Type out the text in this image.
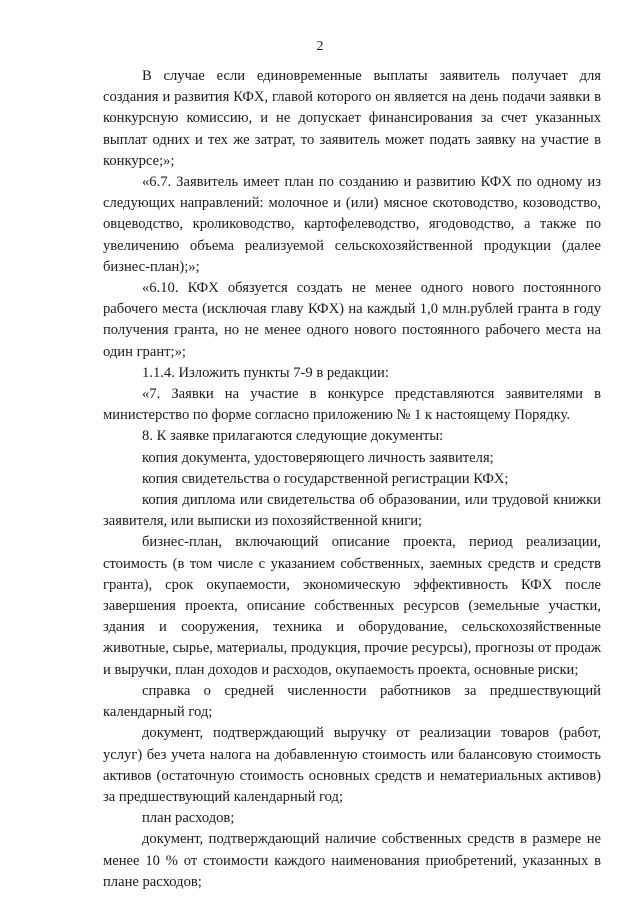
2

В случае если единовременные выплаты заявитель получает для создания и развития КФХ, главой которого он является на день подачи заявки в конкурсную комиссию, и не допускает финансирования за счет указанных выплат одних и тех же затрат, то заявитель может подать заявку на участие в конкурсе;»;

«6.7. Заявитель имеет план по созданию и развитию КФХ по одному из следующих направлений: молочное и (или) мясное скотоводство, козоводство, овцеводство, кролиководство, картофелеводство, ягодоводство, а также по увеличению объема реализуемой сельскохозяйственной продукции (далее бизнес-план);»;

«6.10. КФХ обязуется создать не менее одного нового постоянного рабочего места (исключая главу КФХ) на каждый 1,0 млн.рублей гранта в году получения гранта, но не менее одного нового постоянного рабочего места на один грант;»;

1.1.4. Изложить пункты 7-9 в редакции:

«7. Заявки на участие в конкурсе представляются заявителями в министерство по форме согласно приложению № 1 к настоящему Порядку.

8. К заявке прилагаются следующие документы:

копия документа, удостоверяющего личность заявителя;

копия свидетельства о государственной регистрации КФХ;

копия диплома или свидетельства об образовании, или трудовой книжки заявителя, или выписки из похозяйственной книги;

бизнес-план, включающий описание проекта, период реализации, стоимость (в том числе с указанием собственных, заемных средств и средств гранта), срок окупаемости, экономическую эффективность КФХ после завершения проекта, описание собственных ресурсов (земельные участки, здания и сооружения, техника и оборудование, сельскохозяйственные животные, сырье, материалы, продукция, прочие ресурсы), прогнозы от продаж и выручки, план доходов и расходов, окупаемость проекта, основные риски;

справка о средней численности работников за предшествующий календарный год;

документ, подтверждающий выручку от реализации товаров (работ, услуг) без учета налога на добавленную стоимость или балансовую стоимость активов (остаточную стоимость основных средств и нематериальных активов) за предшествующий календарный год;

план расходов;

документ, подтверждающий наличие собственных средств в размере не менее 10 % от стоимости каждого наименования приобретений, указанных в плане расходов;
